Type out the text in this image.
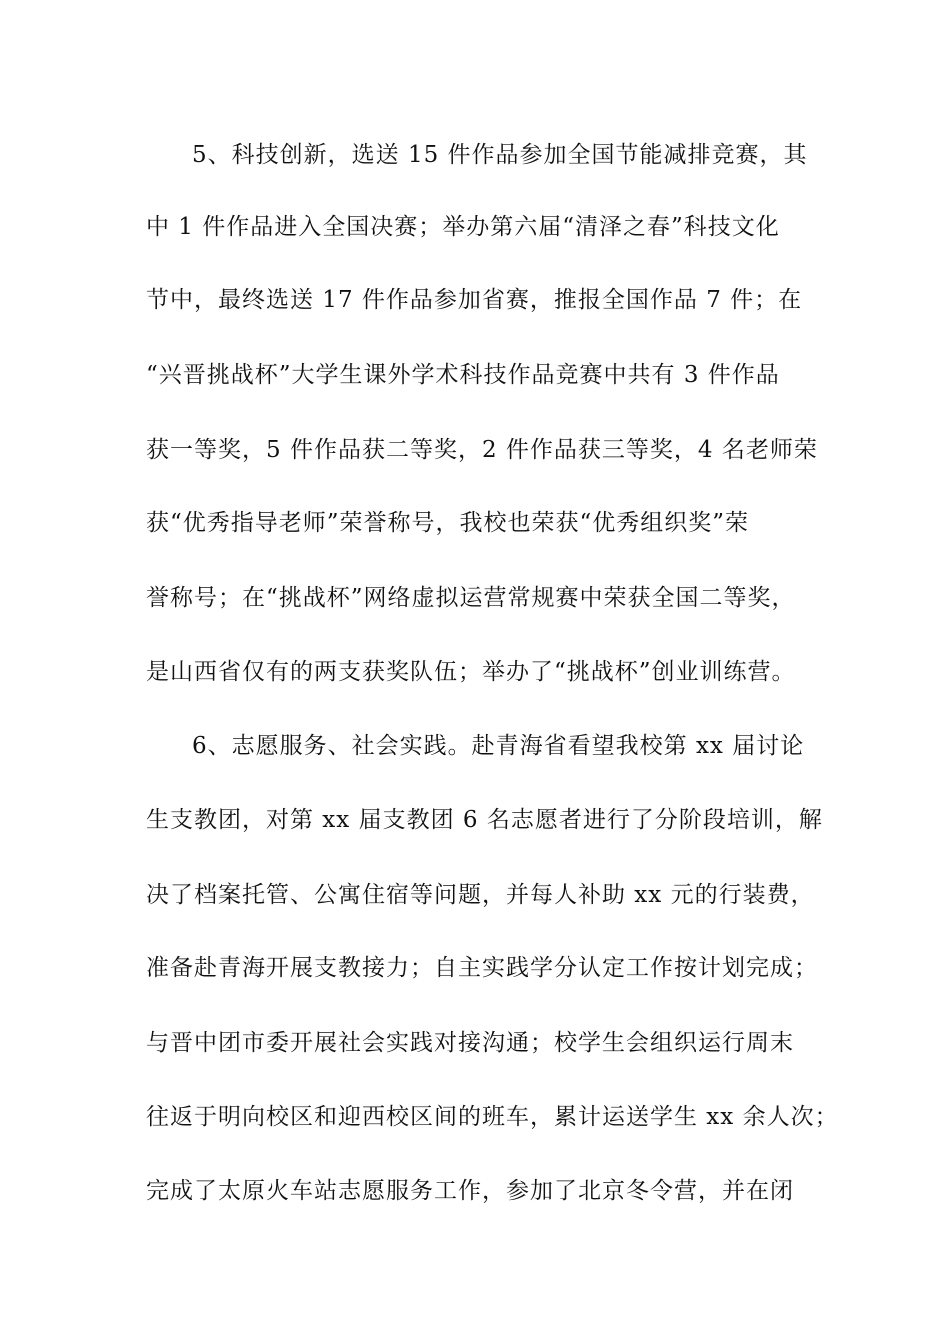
5、科技创新，选送 15 件作品参加全国节能减排竞赛，其
中 1 件作品进入全国决赛；举办第六届“清泽之春”科技文化
节中，最终选送 17 件作品参加省赛，推报全国作品 7 件；在
“兴晋挑战杯”大学生课外学术科技作品竞赛中共有 3 件作品
获一等奖，5 件作品获二等奖，2 件作品获三等奖，4 名老师荣
获“优秀指导老师”荣誉称号，我校也荣获“优秀组织奖”荣
誉称号；在“挑战杯”网络虚拟运营常规赛中荣获全国二等奖，
是山西省仅有的两支获奖队伍；举办了“挑战杯”创业训练营。
6、志愿服务、社会实践。赴青海省看望我校第 xx 届讨论
生支教团，对第 xx 届支教团 6 名志愿者进行了分阶段培训，解
决了档案托管、公寓住宿等问题，并每人补助 xx 元的行装费，
准备赴青海开展支教接力；自主实践学分认定工作按计划完成；
与晋中团市委开展社会实践对接沟通；校学生会组织运行周末
往返于明向校区和迎西校区间的班车，累计运送学生 xx 余人次；
完成了太原火车站志愿服务工作，参加了北京冬令营，并在闭
